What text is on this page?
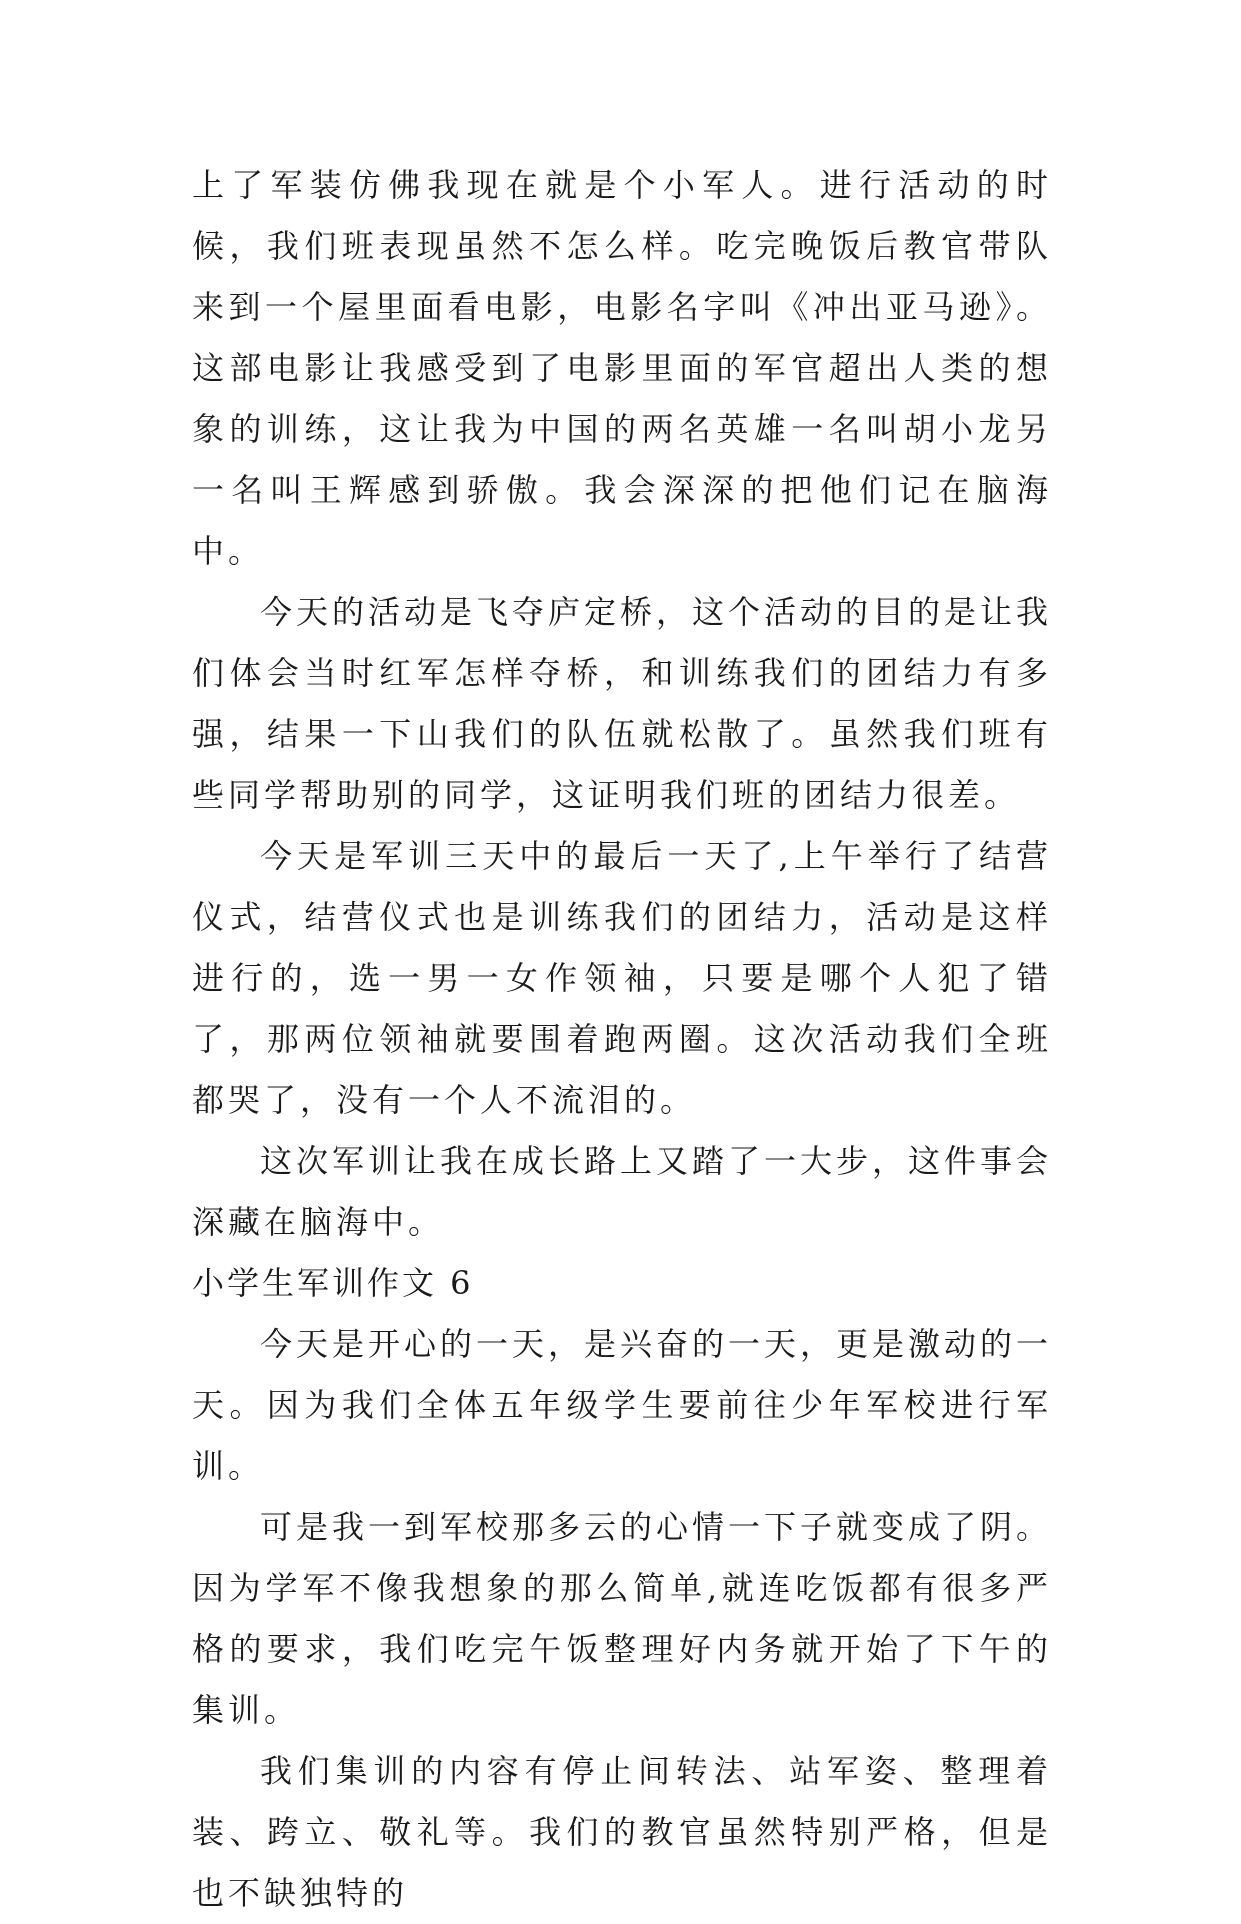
上了军装仿佛我现在就是个小军人。进行活动的时候，我们班表现虽然不怎么样。吃完晚饭后教官带队来到一个屋里面看电影，电影名字叫《冲出亚马逊》。这部电影让我感受到了电影里面的军官超出人类的想象的训练，这让我为中国的两名英雄一名叫胡小龙另一名叫王辉感到骄傲。我会深深的把他们记在脑海中。

今天的活动是飞夺庐定桥，这个活动的目的是让我们体会当时红军怎样夺桥，和训练我们的团结力有多强，结果一下山我们的队伍就松散了。虽然我们班有些同学帮助别的同学，这证明我们班的团结力很差。

今天是军训三天中的最后一天了,上午举行了结营仪式，结营仪式也是训练我们的团结力，活动是这样进行的，选一男一女作领袖，只要是哪个人犯了错了，那两位领袖就要围着跑两圈。这次活动我们全班都哭了，没有一个人不流泪的。

这次军训让我在成长路上又踏了一大步，这件事会深藏在脑海中。

小学生军训作文 6

今天是开心的一天，是兴奋的一天，更是激动的一天。因为我们全体五年级学生要前往少年军校进行军训。

可是我一到军校那多云的心情一下子就变成了阴。因为学军不像我想象的那么简单,就连吃饭都有很多严格的要求，我们吃完午饭整理好内务就开始了下午的集训。

我们集训的内容有停止间转法、站军姿、整理着装、跨立、敬礼等。我们的教官虽然特别严格，但是也不缺独特的
